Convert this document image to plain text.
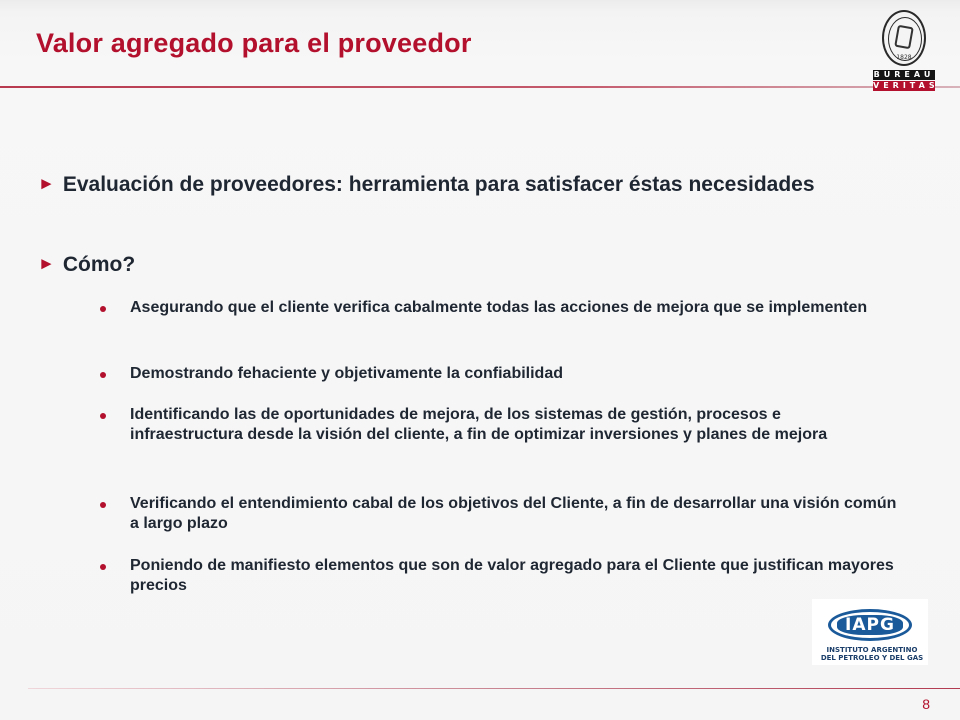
Valor agregado para el proveedor	1828
BUREAU
VERITAS
► Evaluación de proveedores: herramienta para satisfacer éstas necesidades
► Cómo?
Asegurando que el cliente verifica cabalmente todas las acciones de mejora que se implementen
Demostrando fehaciente y objetivamente la confiabilidad
Identificando las de oportunidades de mejora, de los sistemas de gestión, procesos e infraestructura desde la visión del cliente, a fin de optimizar inversiones y planes de mejora
Verificando el entendimiento cabal de los objetivos del Cliente, a fin de desarrollar una visión común a largo plazo
Poniendo de manifiesto elementos que son de valor agregado para el Cliente que justifican mayores precios
IAPG
INSTITUTO ARGENTINO
DEL PETROLEO Y DEL GAS
8
